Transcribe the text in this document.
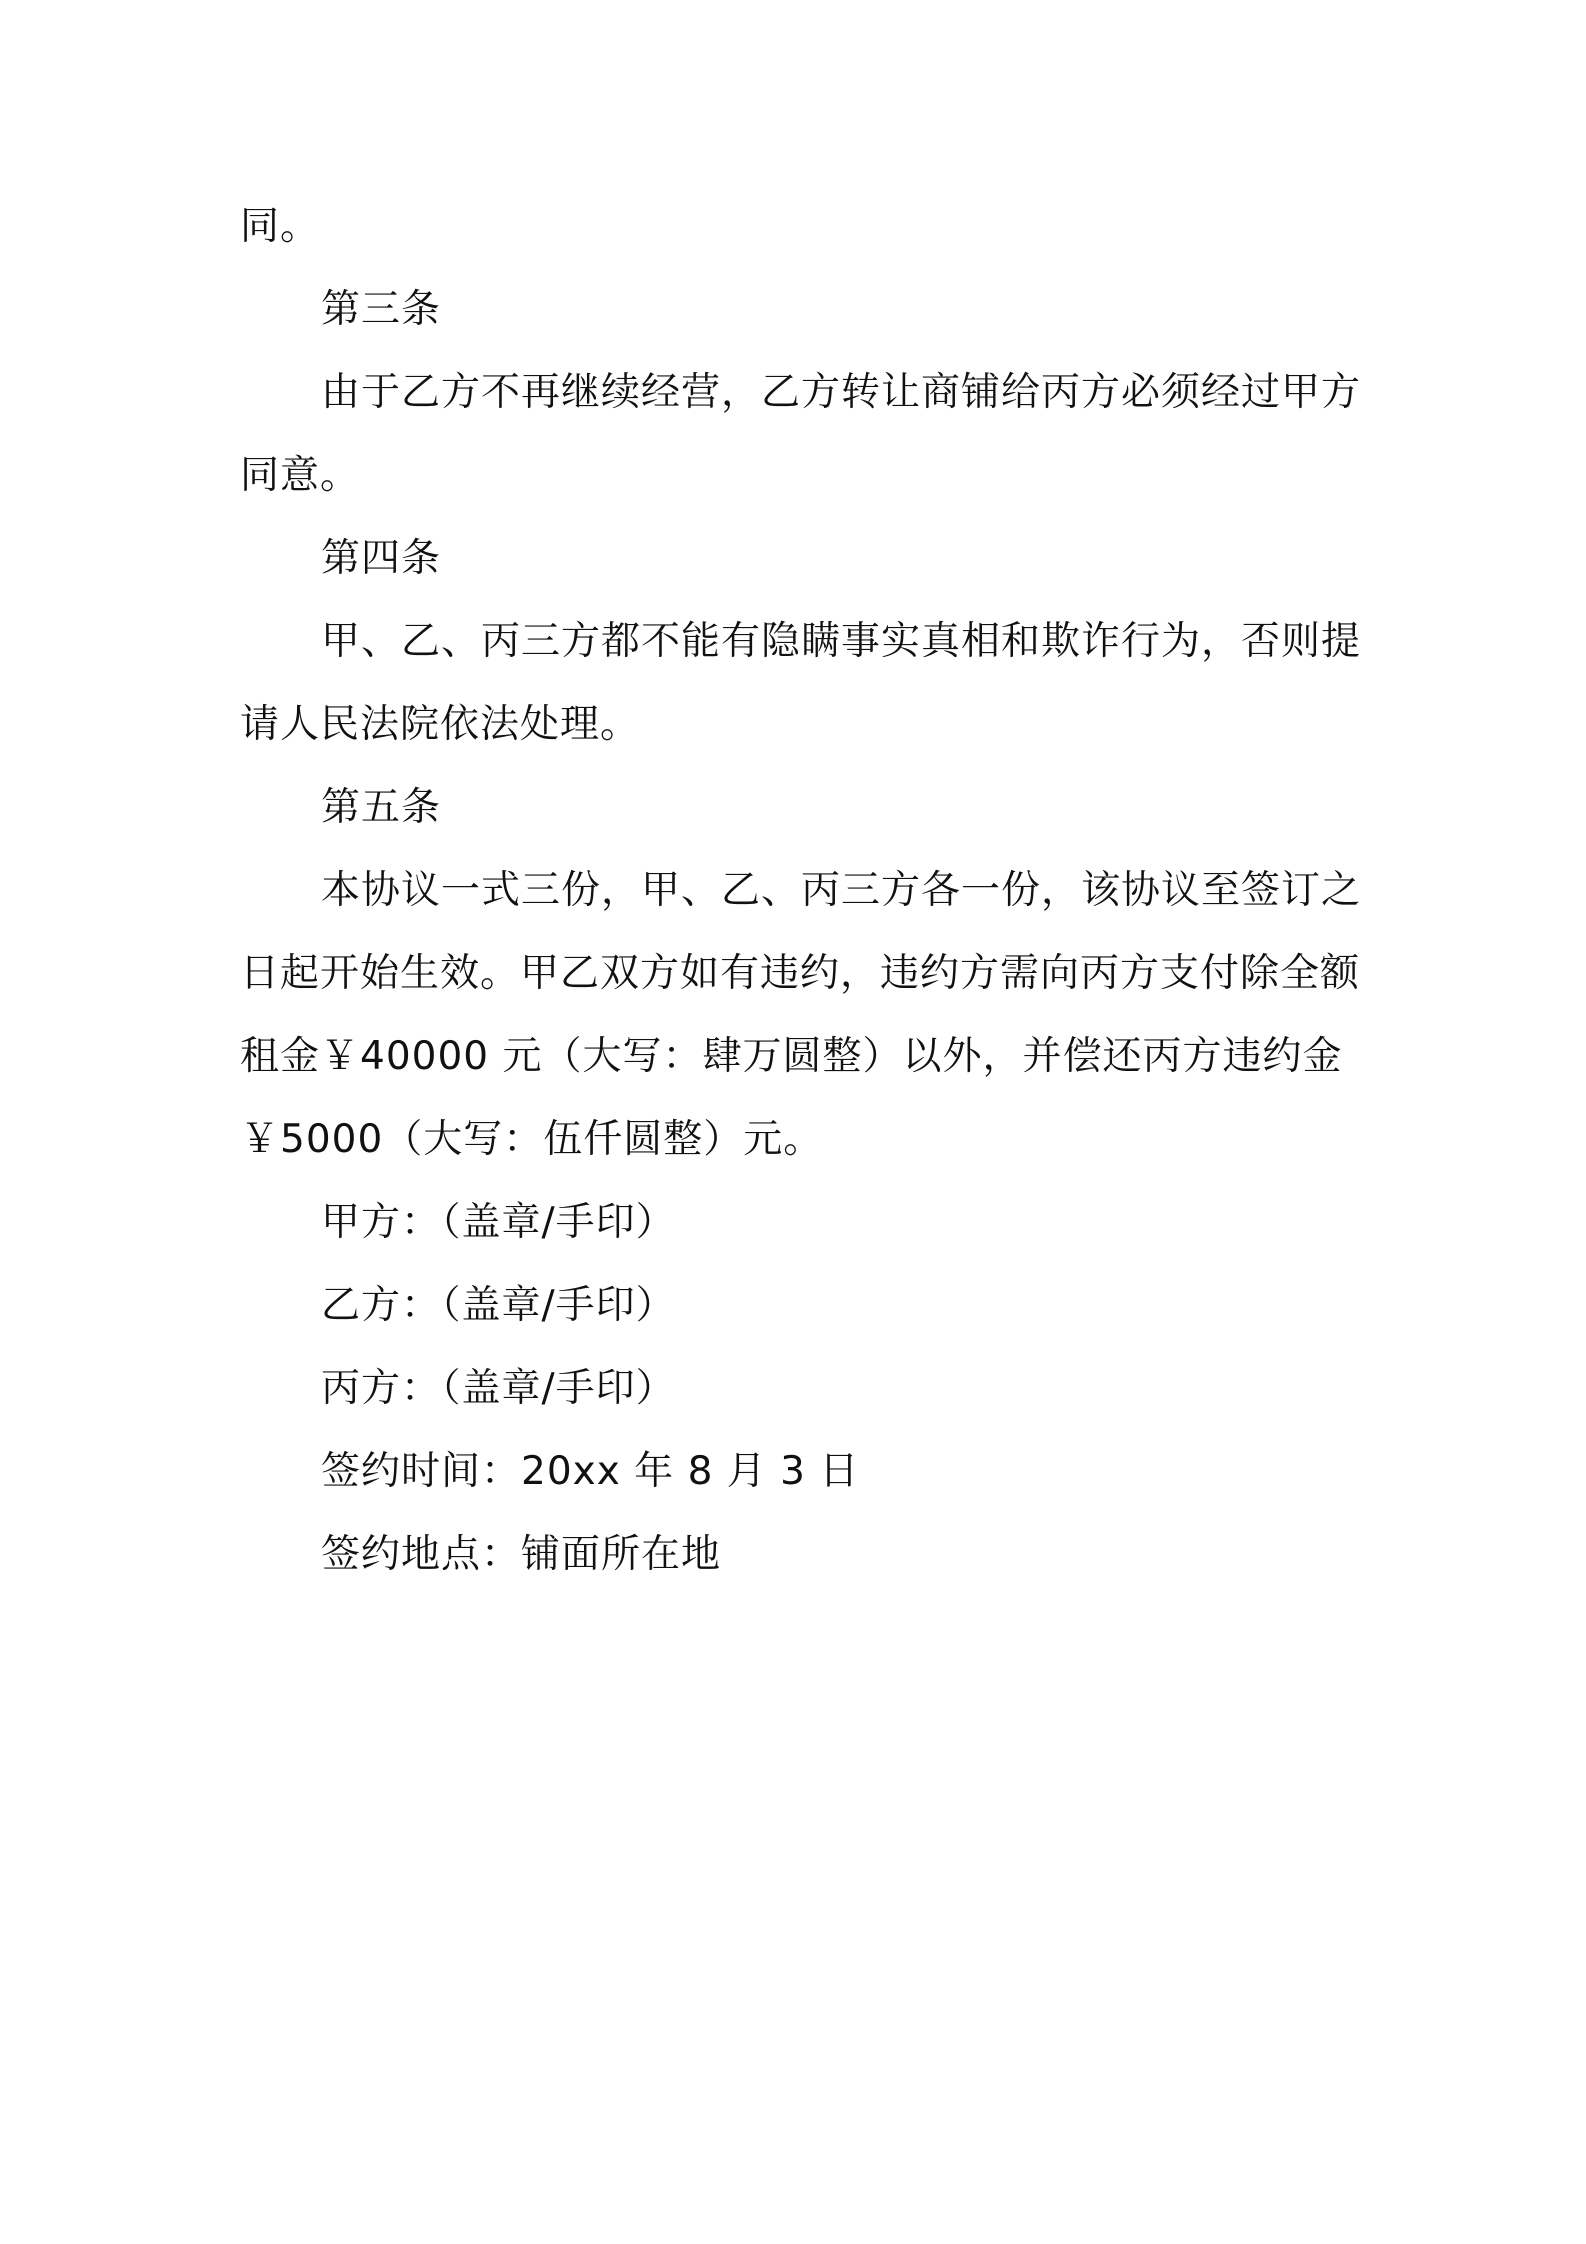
同。

第三条

由于乙方不再继续经营，乙方转让商铺给丙方必须经过甲方

同意。

第四条

甲、乙、丙三方都不能有隐瞒事实真相和欺诈行为，否则提

请人民法院依法处理。

第五条

本协议一式三份，甲、乙、丙三方各一份，该协议至签订之

日起开始生效。甲乙双方如有违约，违约方需向丙方支付除全额

租金￥40000 元（大写：肆万圆整）以外，并偿还丙方违约金

￥5000（大写：伍仟圆整）元。

甲方：（盖章/手印）

乙方：（盖章/手印）

丙方：（盖章/手印）

签约时间：20xx 年 8 月 3 日

签约地点：铺面所在地
